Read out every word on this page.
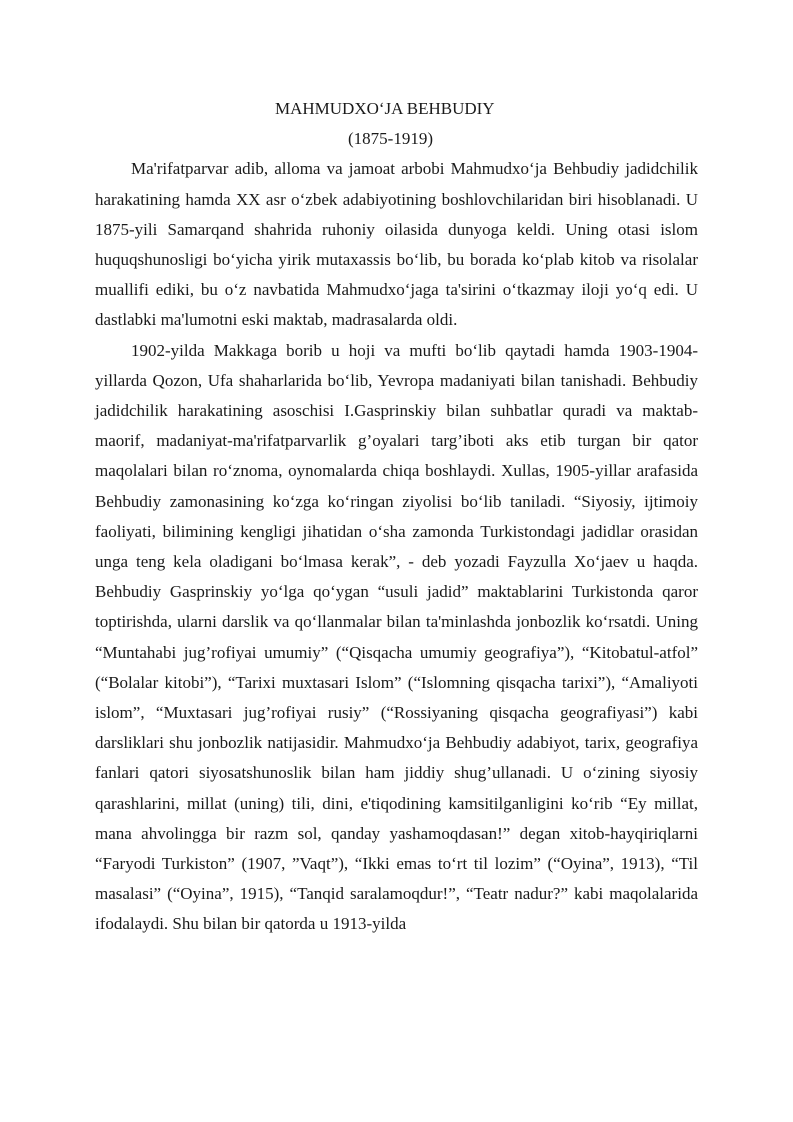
MAHMUDXO‘JA BEHBUDIY
(1875-1919)

Ma'rifatparvar adib, alloma va jamoat arbobi Mahmudxo‘ja Behbudiy jadidchilik harakatining hamda XX asr o‘zbek adabiyotining boshlovchilaridan biri hisoblanadi. U 1875-yili Samarqand shahrida ruhoniy oilasida dunyoga keldi. Uning otasi islom huquqshunosligi bo‘yicha yirik mutaxassis bo‘lib, bu borada ko‘plab kitob va risolalar muallifi ediki, bu o‘z navbatida Mahmudxo‘jaga ta'sirini o‘tkazmay iloji yo‘q edi. U dastlabki ma'lumotni eski maktab, madrasalarda oldi.

1902-yilda Makkaga borib u hoji va mufti bo‘lib qaytadi hamda 1903-1904-yillarda Qozon, Ufa shaharlarida bo‘lib, Yevropa madaniyati bilan tanishadi. Behbudiy jadidchilik harakatining asoschisi I.Gasprinskiy bilan suhbatlar quradi va maktab-maorif, madaniyat-ma'rifatparvarlik g’oyalari targ’iboti aks etib turgan bir qator maqolalari bilan ro‘znoma, oynomalarda chiqa boshlaydi. Xullas, 1905-yillar arafasida Behbudiy zamonasining ko‘zga ko‘ringan ziyolisi bo‘lib taniladi. “Siyosiy, ijtimoiy faoliyati, bilimining kengligi jihatidan o‘sha zamonda Turkistondagi jadidlar orasidan unga teng kela oladigani bo‘lmasa kerak”, - deb yozadi Fayzulla Xo‘jaev u haqda. Behbudiy Gasprinskiy yo‘lga qo‘ygan “usuli jadid” maktablarini Turkistonda qaror toptirishda, ularni darslik va qo‘llanmalar bilan ta'minlashda jonbozlik ko‘rsatdi. Uning “Muntahabi jug’rofiyai umumiy” (“Qisqacha umumiy geografiya”), “Kitobatul-atfol” (“Bolalar kitobi”), “Tarixi muxtasari Islom” (“Islomning qisqacha tarixi”), “Amaliyoti islom”, “Muxtasari jug’rofiyai rusiy” (“Rossiyaning qisqacha geografiyasi”) kabi darsliklari shu jonbozlik natijasidir. Mahmudxo‘ja Behbudiy adabiyot, tarix, geografiya fanlari qatori siyosatshunoslik bilan ham jiddiy shug’ullanadi. U o‘zining siyosiy qarashlarini, millat (uning) tili, dini, e'tiqodining kamsitilganligini ko‘rib “Ey millat, mana ahvolingga bir razm sol, qanday yashamoqdasan!” degan xitob-hayqiriqlarni “Faryodi Turkiston” (1907, ”Vaqt”), “Ikki emas to‘rt til lozim” (“Oyina”, 1913), “Til masalasi” (“Oyina”, 1915), “Tanqid saralamoqdur!”, “Teatr nadur?” kabi maqolalarida ifodalaydi. Shu bilan bir qatorda u 1913-yilda
